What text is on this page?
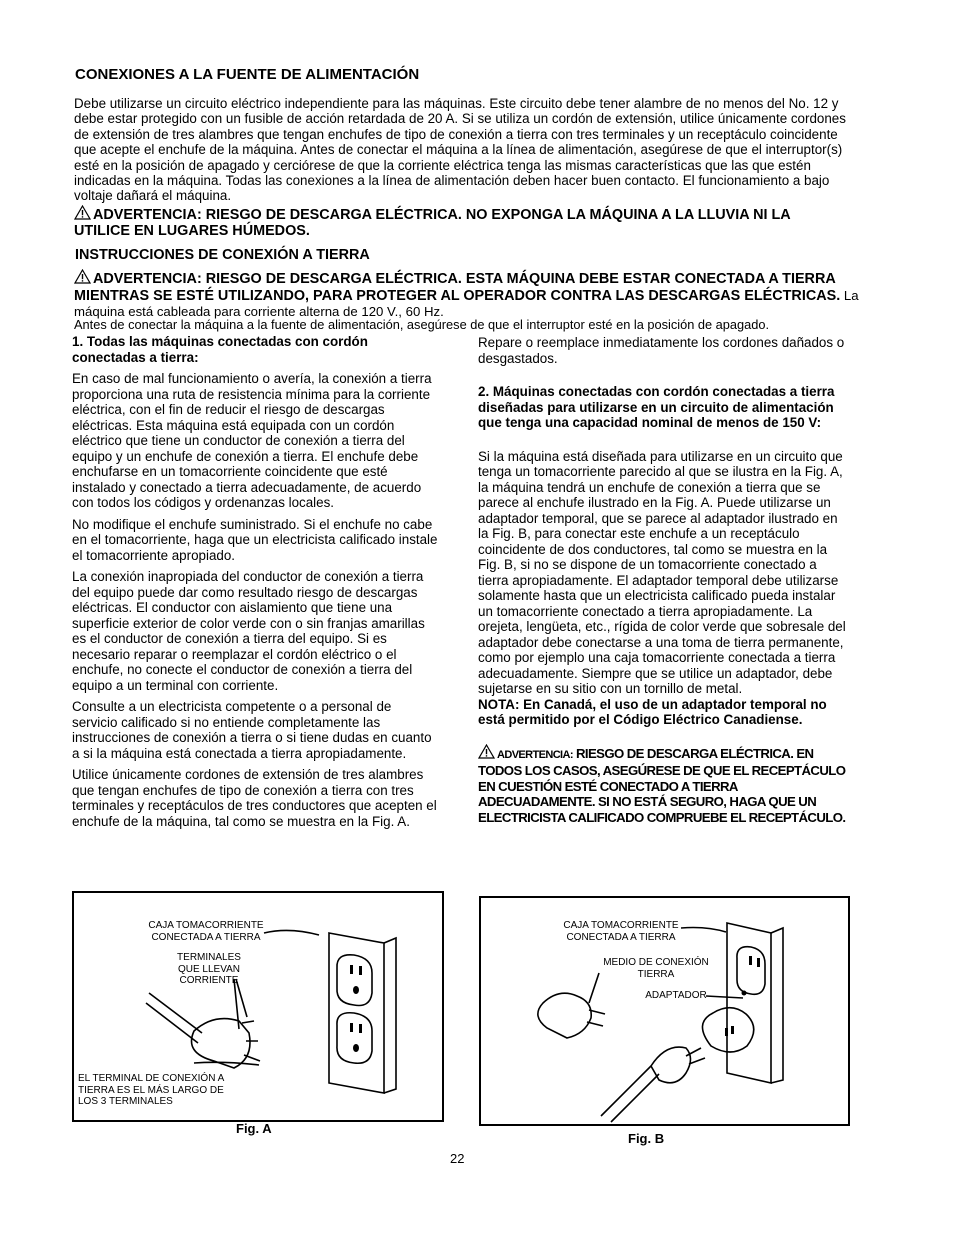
CONEXIONES A LA FUENTE DE ALIMENTACIÓN
Debe utilizarse un circuito eléctrico independiente para las máquinas. Este circuito debe tener alambre de no menos del No. 12 y debe estar protegido con un fusible de acción retardada de 20 A. Si se utiliza un cordón de extensión, utilice únicamente cordones de extensión de tres alambres que tengan enchufes de tipo de conexión a tierra con tres terminales y un receptáculo coincidente que acepte el enchufe de la máquina. Antes de conectar el máquina a la línea de alimentación, asegúrese de que el interruptor(s) esté en la posición de apagado y cerciórese de que la corriente eléctrica tenga las mismas características que las que estén indicadas en la máquina. Todas las conexiones a la línea de alimentación deben hacer buen contacto. El funcionamiento a bajo voltaje dañará el máquina.
ADVERTENCIA: RIESGO DE DESCARGA ELÉCTRICA. NO EXPONGA LA MÁQUINA A LA LLUVIA NI LA UTILICE EN LUGARES HÚMEDOS.
INSTRUCCIONES DE CONEXIÓN A TIERRA
ADVERTENCIA: RIESGO DE DESCARGA ELÉCTRICA. ESTA MÁQUINA DEBE ESTAR CONECTADA A TIERRA MIENTRAS SE ESTÉ UTILIZANDO, PARA PROTEGER AL OPERADOR CONTRA LAS DESCARGAS ELÉCTRICAS. La máquina está cableada para corriente alterna de 120 V., 60 Hz.
Antes de conectar la máquina a la fuente de alimentación, asegúrese de que el interruptor esté en la posición de apagado.

1. Todas las máquinas conectadas con cordón conectadas a tierra:

En caso de mal funcionamiento o avería, la conexión a tierra proporciona una ruta de resistencia mínima para la corriente eléctrica, con el fin de reducir el riesgo de descargas eléctricas. Esta máquina está equipada con un cordón eléctrico que tiene un conductor de conexión a tierra del equipo y un enchufe de conexión a tierra. El enchufe debe enchufarse en un tomacorriente coincidente que esté instalado y conectado a tierra adecuadamente, de acuerdo con todos los códigos y ordenanzas locales.

No modifique el enchufe suministrado. Si el enchufe no cabe en el tomacorriente, haga que un electricista calificado instale el tomacorriente apropiado.

La conexión inapropiada del conductor de conexión a tierra del equipo puede dar como resultado riesgo de descargas eléctricas. El conductor con aislamiento que tiene una superficie exterior de color verde con o sin franjas amarillas es el conductor de conexión a tierra del equipo. Si es necesario reparar o reemplazar el cordón eléctrico o el enchufe, no conecte el conductor de conexión a tierra del equipo a un terminal con corriente.

Consulte a un electricista competente o a personal de servicio calificado si no entiende completamente las instrucciones de conexión a tierra o si tiene dudas en cuanto a si la máquina está conectada a tierra apropiadamente.

Utilice únicamente cordones de extensión de tres alambres que tengan enchufes de tipo de conexión a tierra con tres terminales y receptáculos de tres conductores que acepten el enchufe de la máquina, tal como se muestra en la Fig. A.

Repare o reemplace inmediatamente los cordones dañados o desgastados.

2. Máquinas conectadas con cordón conectadas a tierra diseñadas para utilizarse en un circuito de alimentación que tenga una capacidad nominal de menos de 150 V:

Si la máquina está diseñada para utilizarse en un circuito que tenga un tomacorriente parecido al que se ilustra en la Fig. A, la máquina tendrá un enchufe de conexión a tierra que se parece al enchufe ilustrado en la Fig. A. Puede utilizarse un adaptador temporal, que se parece al adaptador ilustrado en la Fig. B, para conectar este enchufe a un receptáculo coincidente de dos conductores, tal como se muestra en la Fig. B, si no se dispone de un tomacorriente conectado a tierra apropiadamente. El adaptador temporal debe utilizarse solamente hasta que un electricista calificado pueda instalar un tomacorriente conectado a tierra apropiadamente. La orejeta, lengüeta, etc., rígida de color verde que sobresale del adaptador debe conectarse a una toma de tierra permanente, como por ejemplo una caja tomacorriente conectada a tierra adecuadamente. Siempre que se utilice un adaptador, debe sujetarse en su sitio con un tornillo de metal.

NOTA: En Canadá, el uso de un adaptador temporal no está permitido por el Código Eléctrico Canadiense.

ADVERTENCIA: RIESGO DE DESCARGA ELÉCTRICA. EN TODOS LOS CASOS, ASEGÚRESE DE QUE EL RECEPTÁCULO EN CUESTIÓN ESTÉ CONECTADO A TIERRA ADECUADAMENTE. SI NO ESTÁ SEGURO, HAGA QUE UN ELECTRICISTA CALIFICADO COMPRUEBE EL RECEPTÁCULO.

CAJA TOMACORRIENTE
CONECTADA A TIERRA
TERMINALES
QUE LLEVAN
CORRIENTE
EL TERMINAL DE CONEXIÓN A
TIERRA ES EL MÁS LARGO DE
LOS 3 TERMINALES
Fig. A
CAJA TOMACORRIENTE
CONECTADA A TIERRA
MEDIO DE CONEXIÓN
TIERRA
ADAPTADOR
Fig. B
22
